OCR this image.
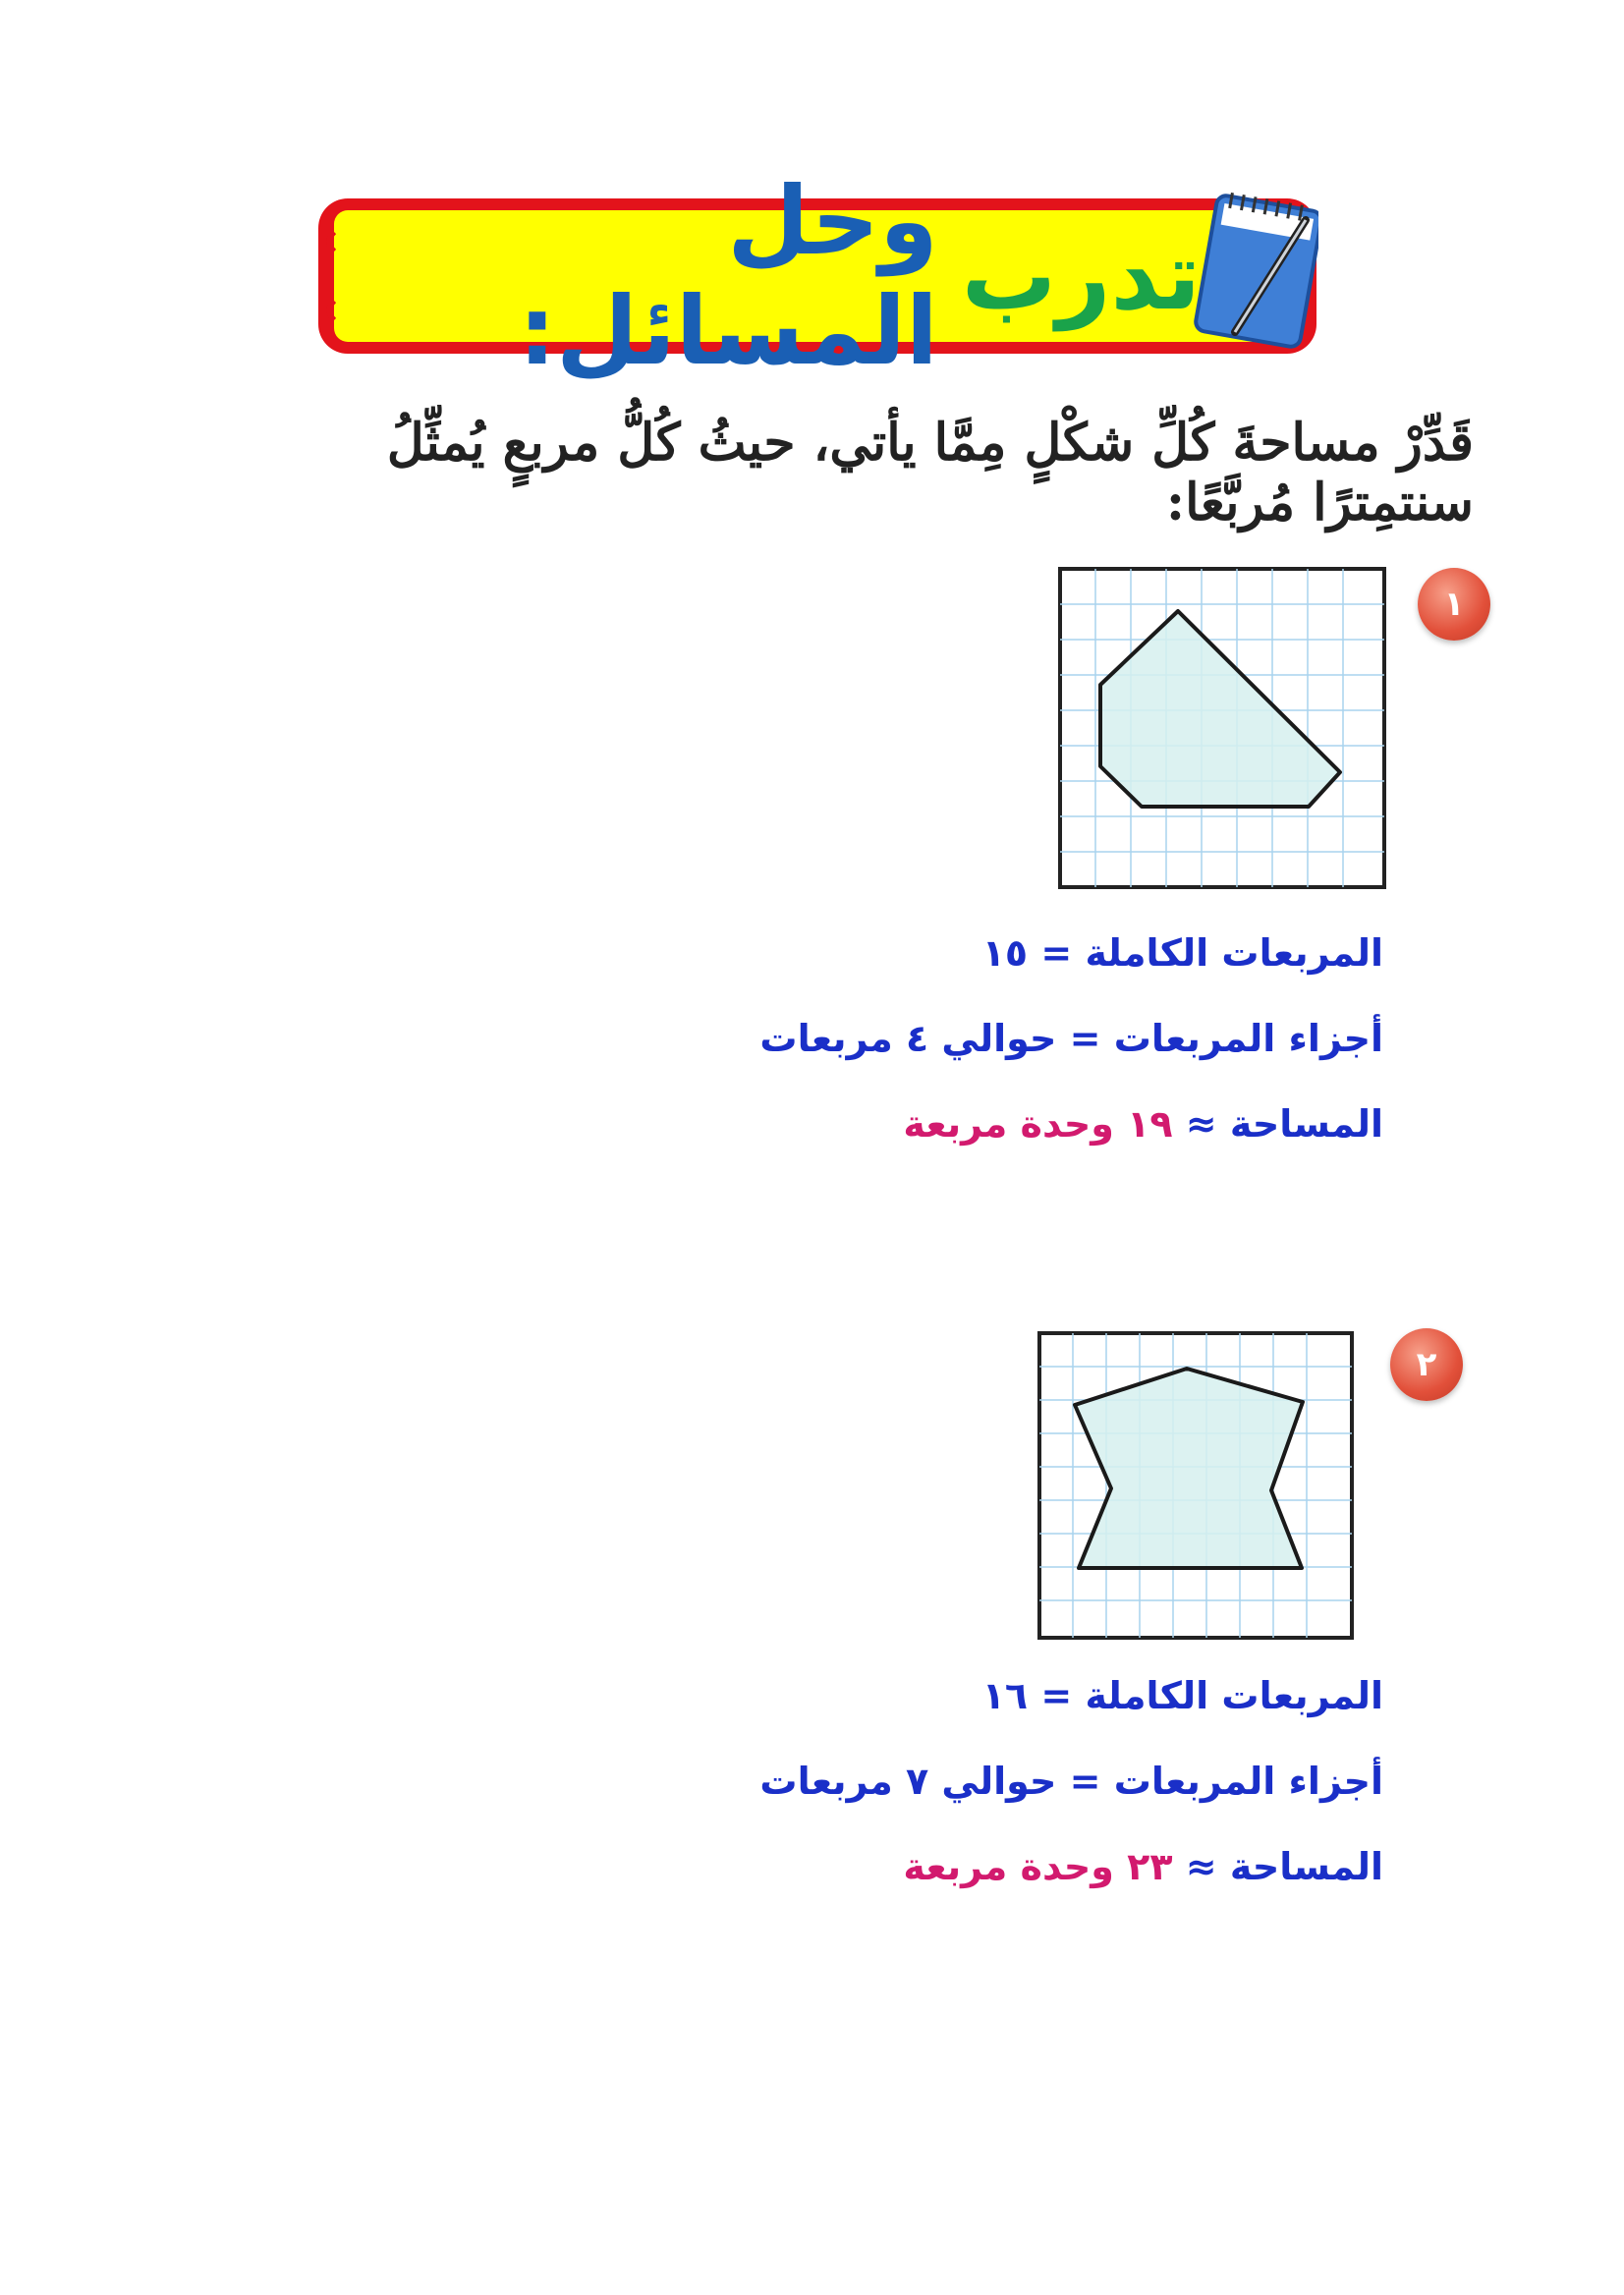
تدرب
وحل المسائل:
قَدِّرْ مساحةَ كُلِّ شكْلٍ مِمَّا يأتي، حيثُ كُلُّ مربعٍ يُمثِّلُ سنتمِترًا مُربَّعًا:
١
المربعات الكاملة = ١٥
أجزاء المربعات = حوالي ٤ مربعات
المساحة ≈ ١٩ وحدة مربعة
٢
المربعات الكاملة = ١٦
أجزاء المربعات = حوالي ٧ مربعات
المساحة ≈ ٢٣ وحدة مربعة
